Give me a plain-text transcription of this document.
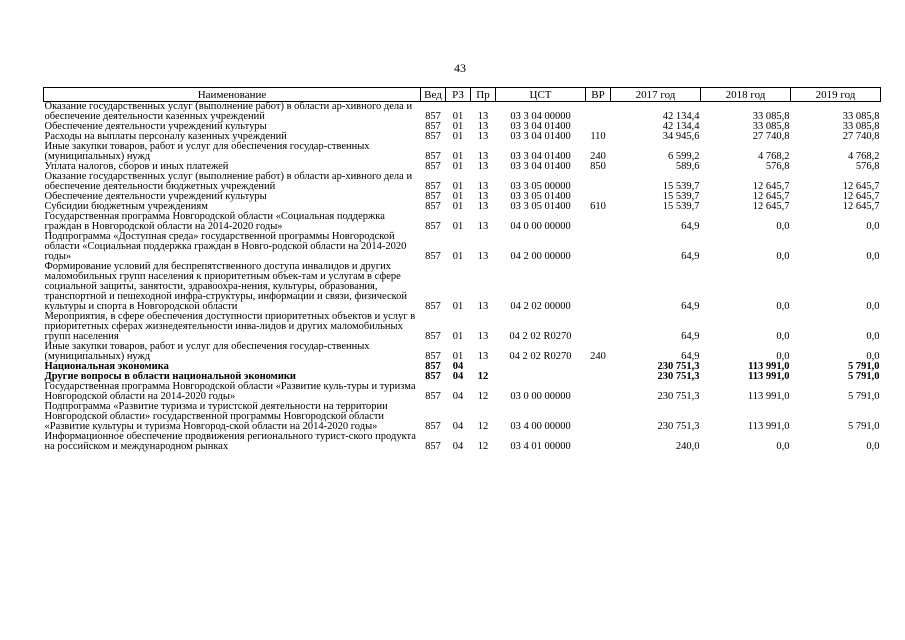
43
Наименование	Вед	РЗ	Пр	ЦСТ	ВР	2017 год	2018 год	2019 год
Оказание государственных услуг (выполнение работ) в области ар-хивного дела и обеспечение деятельности казенных учреждений	857	01	13	03 3 04 00000		42 134,4	33 085,8	33 085,8
Обеспечение деятельности учреждений культуры	857	01	13	03 3 04 01400		42 134,4	33 085,8	33 085,8
Расходы на выплаты персоналу казенных учреждений	857	01	13	03 3 04 01400	110	34 945,6	27 740,8	27 740,8
Иные закупки товаров, работ и услуг для обеспечения государ-ственных (муниципальных) нужд	857	01	13	03 3 04 01400	240	6 599,2	4 768,2	4 768,2
Уплата налогов, сборов и иных платежей	857	01	13	03 3 04 01400	850	589,6	576,8	576,8
Оказание государственных услуг (выполнение работ) в области ар-хивного дела и обеспечение деятельности бюджетных учреждений	857	01	13	03 3 05 00000		15 539,7	12 645,7	12 645,7
Обеспечение деятельности учреждений культуры	857	01	13	03 3 05 01400		15 539,7	12 645,7	12 645,7
Субсидии бюджетным учреждениям	857	01	13	03 3 05 01400	610	15 539,7	12 645,7	12 645,7
Государственная программа Новгородской области «Социальная поддержка граждан в Новгородской области на 2014-2020 годы»	857	01	13	04 0 00 00000		64,9	0,0	0,0
Подпрограмма «Доступная среда» государственной программы Новгородской области «Социальная поддержка граждан в Новго-родской области на 2014-2020 годы»	857	01	13	04 2 00 00000		64,9	0,0	0,0
Формирование условий для беспрепятственного доступа инвалидов и других маломобильных групп населения к приоритетным объек-там и услугам в сфере социальной защиты, занятости, здравоохра-нения, культуры, образования, транспортной и пешеходной инфра-структуры, информации и связи, физической культуры и спорта в Новгородской области	857	01	13	04 2 02 00000		64,9	0,0	0,0
Мероприятия, в сфере обеспечения доступности приоритетных объектов и услуг в приоритетных сферах жизнедеятельности инва-лидов и других маломобильных групп населения	857	01	13	04 2 02 R0270		64,9	0,0	0,0
Иные закупки товаров, работ и услуг для обеспечения государ-ственных (муниципальных) нужд	857	01	13	04 2 02 R0270	240	64,9	0,0	0,0
Национальная экономика	857	04				230 751,3	113 991,0	5 791,0
Другие вопросы в области национальной экономики	857	04	12			230 751,3	113 991,0	5 791,0
Государственная программа Новгородской области «Развитие куль-туры и туризма Новгородской области на 2014-2020 годы»	857	04	12	03 0 00 00000		230 751,3	113 991,0	5 791,0
Подпрограмма «Развитие туризма и туристской деятельности на территории Новгородской области» государственной программы Новгородской области «Развитие культуры и туризма Новгород-ской области на 2014-2020 годы»	857	04	12	03 4 00 00000		230 751,3	113 991,0	5 791,0
Информационное обеспечение продвижения регионального турист-ского продукта на российском и международном рынках	857	04	12	03 4 01 00000		240,0	0,0	0,0
